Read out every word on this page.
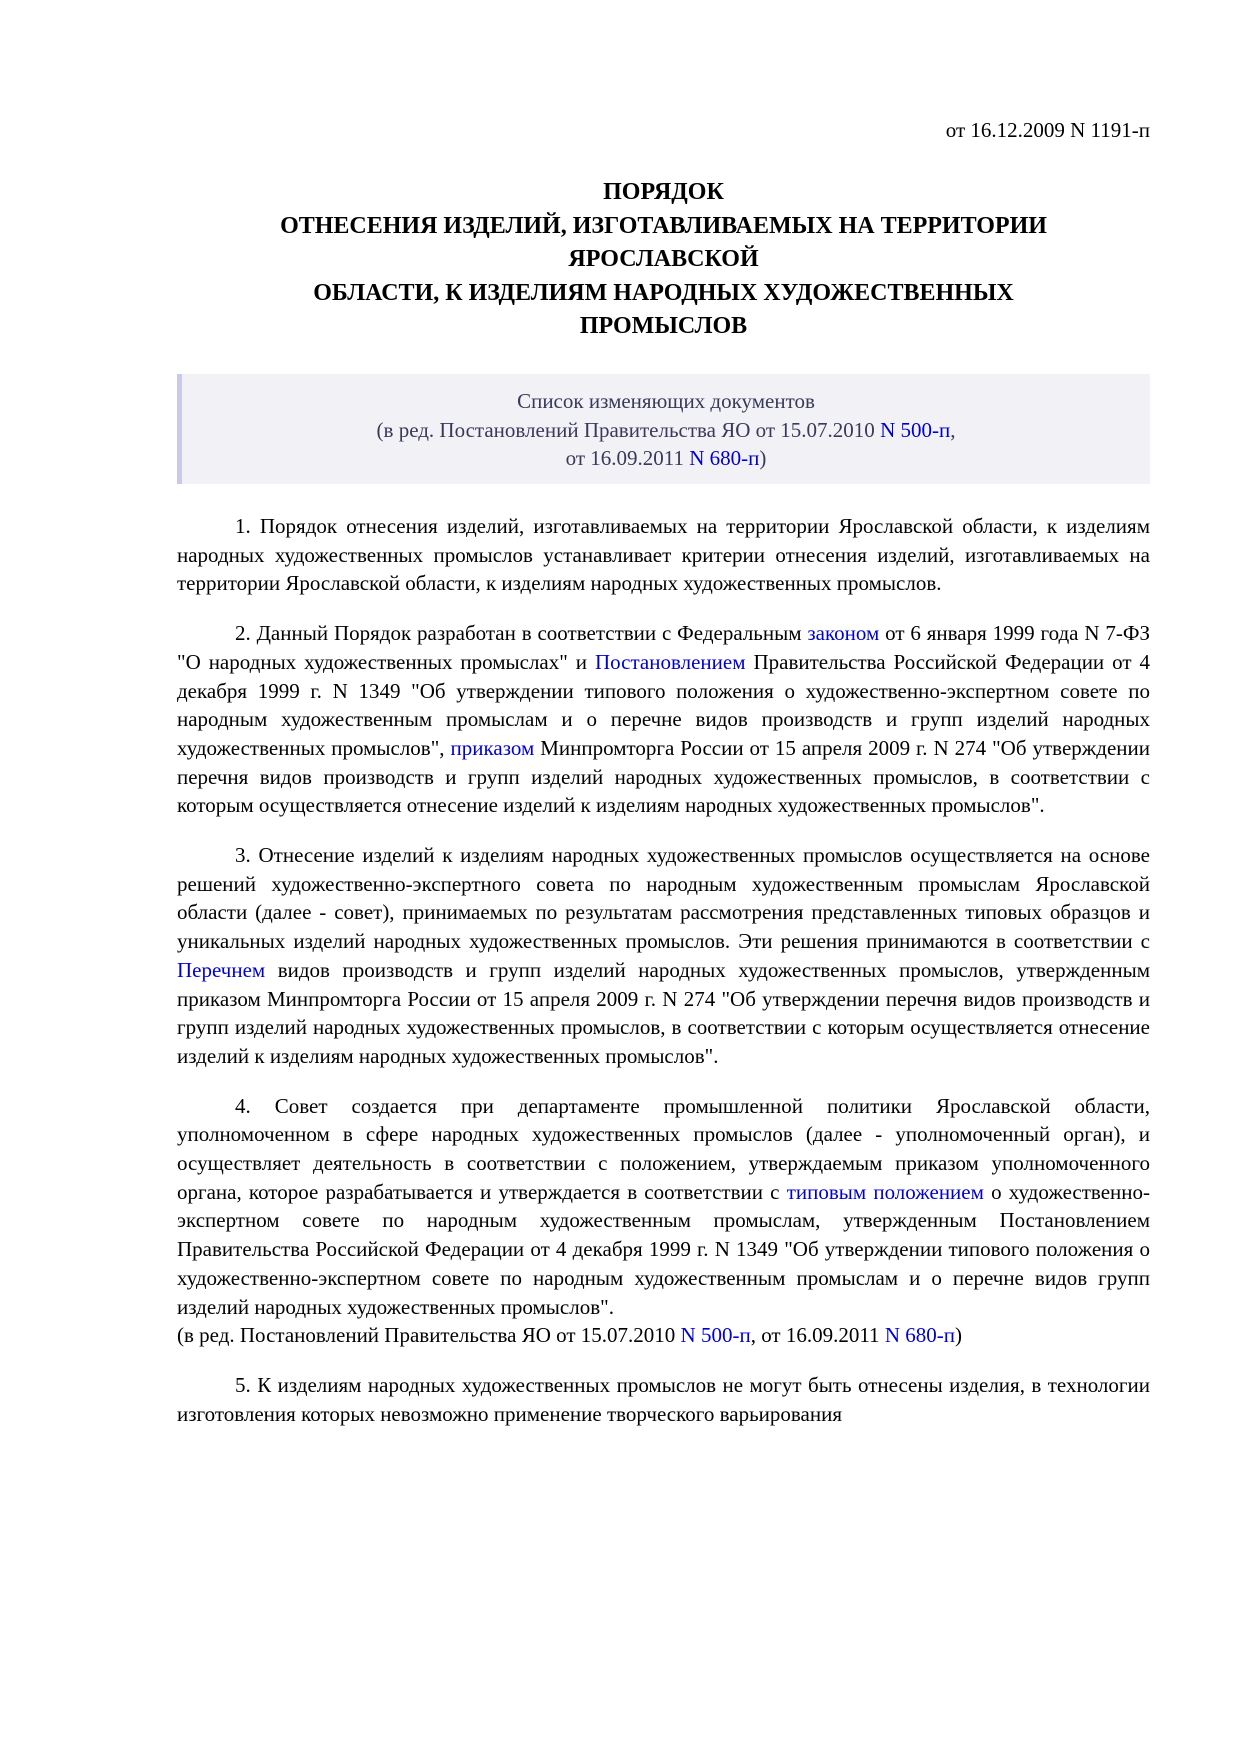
от 16.12.2009 N 1191-п
ПОРЯДОК
ОТНЕСЕНИЯ ИЗДЕЛИЙ, ИЗГОТАВЛИВАЕМЫХ НА ТЕРРИТОРИИ
ЯРОСЛАВСКОЙ
ОБЛАСТИ, К ИЗДЕЛИЯМ НАРОДНЫХ ХУДОЖЕСТВЕННЫХ
ПРОМЫСЛОВ
Список изменяющих документов
(в ред. Постановлений Правительства ЯО от 15.07.2010 N 500-п,
от 16.09.2011 N 680-п)

1. Порядок отнесения изделий, изготавливаемых на территории Ярославской области, к изделиям народных художественных промыслов устанавливает критерии отнесения изделий, изготавливаемых на территории Ярославской области, к изделиям народных художественных промыслов.

2. Данный Порядок разработан в соответствии с Федеральным законом от 6 января 1999 года N 7-ФЗ "О народных художественных промыслах" и Постановлением Правительства Российской Федерации от 4 декабря 1999 г. N 1349 "Об утверждении типового положения о художественно-экспертном совете по народным художественным промыслам и о перечне видов производств и групп изделий народных художественных промыслов", приказом Минпромторга России от 15 апреля 2009 г. N 274 "Об утверждении перечня видов производств и групп изделий народных художественных промыслов, в соответствии с которым осуществляется отнесение изделий к изделиям народных художественных промыслов".

3. Отнесение изделий к изделиям народных художественных промыслов осуществляется на основе решений художественно-экспертного совета по народным художественным промыслам Ярославской области (далее - совет), принимаемых по результатам рассмотрения представленных типовых образцов и уникальных изделий народных художественных промыслов. Эти решения принимаются в соответствии с Перечнем видов производств и групп изделий народных художественных промыслов, утвержденным приказом Минпромторга России от 15 апреля 2009 г. N 274 "Об утверждении перечня видов производств и групп изделий народных художественных промыслов, в соответствии с которым осуществляется отнесение изделий к изделиям народных художественных промыслов".

4. Совет создается при департаменте промышленной политики Ярославской области, уполномоченном в сфере народных художественных промыслов (далее - уполномоченный орган), и осуществляет деятельность в соответствии с положением, утверждаемым приказом уполномоченного органа, которое разрабатывается и утверждается в соответствии с типовым положением о художественно-экспертном совете по народным художественным промыслам, утвержденным Постановлением Правительства Российской Федерации от 4 декабря 1999 г. N 1349 "Об утверждении типового положения о художественно-экспертном совете по народным художественным промыслам и о перечне видов групп изделий народных художественных промыслов".

(в ред. Постановлений Правительства ЯО от 15.07.2010 N 500-п, от 16.09.2011 N 680-п)

5. К изделиям народных художественных промыслов не могут быть отнесены изделия, в технологии изготовления которых невозможно применение творческого варьирования
